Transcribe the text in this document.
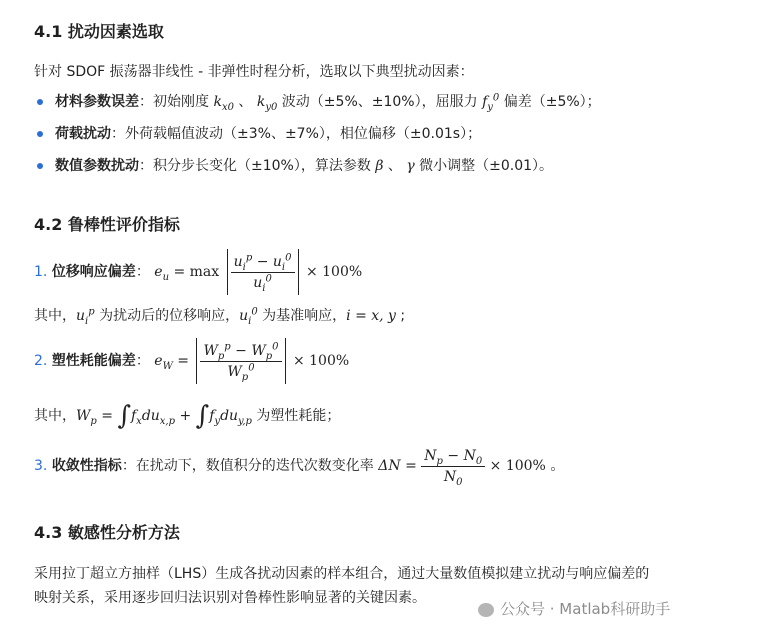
4.1 扰动因素选取
针对 SDOF 振荡器非线性 - 非弹性时程分析，选取以下典型扰动因素：
材料参数误差：初始刚度 $k_{x0}$ 、 $k_{y0}$ 波动（±5%、±10%），屈服力 $f_y^0$ 偏差（±5%）；
荷载扰动：外荷载幅值波动（±3%、±7%），相位偏移（±0.01s）；
数值参数扰动：积分步长变化（±10%），算法参数 β 、 γ 微小调整（±0.01）。
4.2 鲁棒性评价指标
1. 位移响应偏差： $e_u = \max \frac{u_i^p - u_i^0}{u_i^0} \times 100\%$
其中，$u_i^p$ 为扰动后的位移响应，$u_i^0$ 为基准响应，i = x, y ;
2. 塑性耗能偏差： $e_W = \frac{W_p^p - W_p^0}{W_p^0} \times 100\%$
其中，$W_p = \int f_xdu_{x,p} + \int f_ydu_{y,p}$ 为塑性耗能；
3. 收敛性指标：在扰动下，数值积分的迭代次数变化率 $\Delta N = \frac{N_p - N_0}{N_0} \times 100\%$ 。
4.3 敏感性分析方法
采用拉丁超立方抽样（LHS）生成各扰动因素的样本组合，通过大量数值模拟建立扰动与响应偏差的
映射关系，采用逐步回归法识别对鲁棒性影响显著的关键因素。
公众号 · Matlab科研助手
